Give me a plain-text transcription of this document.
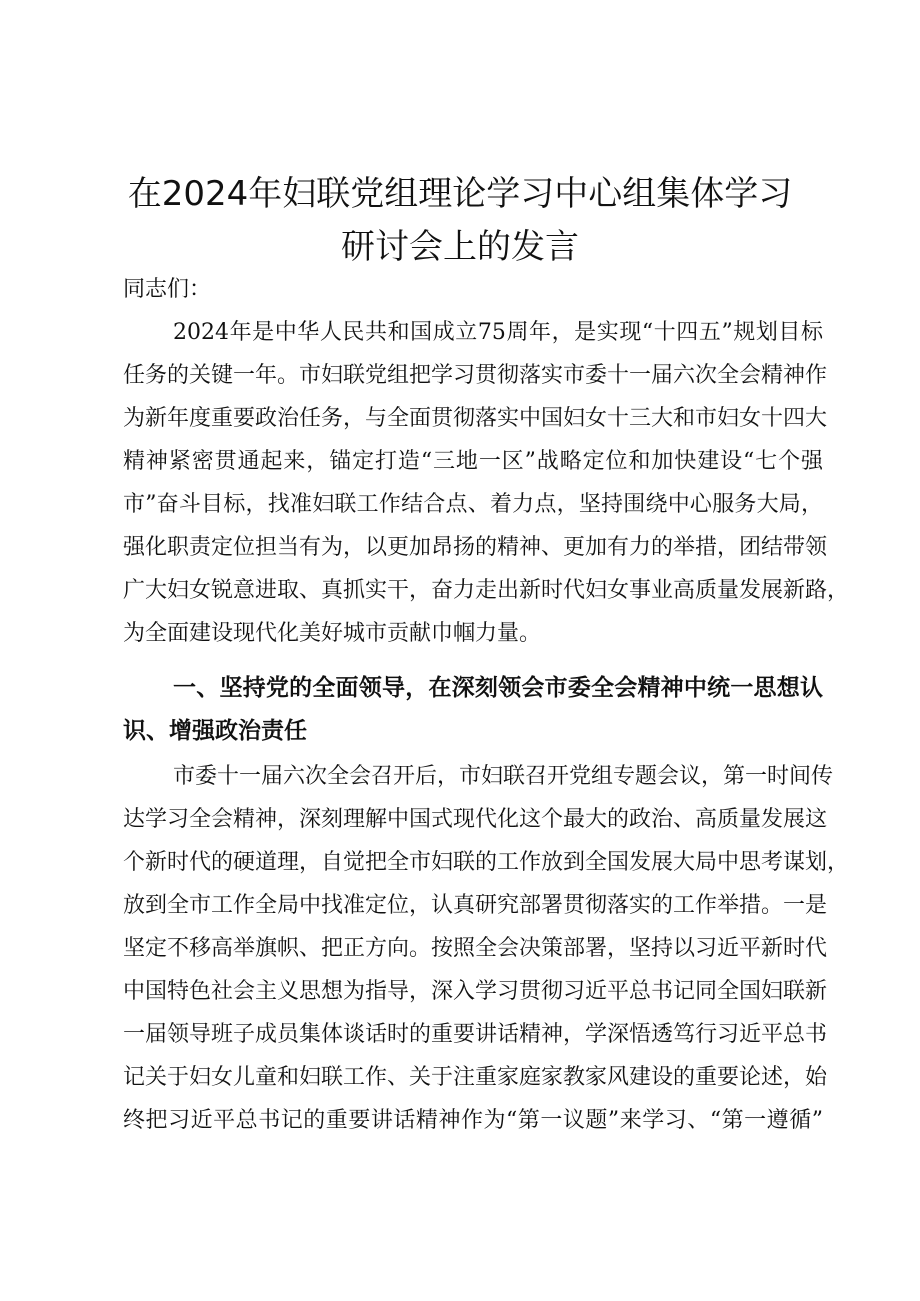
在2024年妇联党组理论学习中心组集体学习
研讨会上的发言

同志们：

2024年是中华人民共和国成立75周年，是实现“十四五”规划目标

任务的关键一年。市妇联党组把学习贯彻落实市委十一届六次全会精神作

为新年度重要政治任务，与全面贯彻落实中国妇女十三大和市妇女十四大

精神紧密贯通起来，锚定打造“三地一区”战略定位和加快建设“七个强

市”奋斗目标，找准妇联工作结合点、着力点，坚持围绕中心服务大局，

强化职责定位担当有为，以更加昂扬的精神、更加有力的举措，团结带领

广大妇女锐意进取、真抓实干，奋力走出新时代妇女事业高质量发展新路，

为全面建设现代化美好城市贡献巾帼力量。

一、坚持党的全面领导，在深刻领会市委全会精神中统一思想认
识、增强政治责任

市委十一届六次全会召开后，市妇联召开党组专题会议，第一时间传

达学习全会精神，深刻理解中国式现代化这个最大的政治、高质量发展这

个新时代的硬道理，自觉把全市妇联的工作放到全国发展大局中思考谋划，

放到全市工作全局中找准定位，认真研究部署贯彻落实的工作举措。一是

坚定不移高举旗帜、把正方向。按照全会决策部署，坚持以习近平新时代

中国特色社会主义思想为指导，深入学习贯彻习近平总书记同全国妇联新

一届领导班子成员集体谈话时的重要讲话精神，学深悟透笃行习近平总书

记关于妇女儿童和妇联工作、关于注重家庭家教家风建设的重要论述，始

终把习近平总书记的重要讲话精神作为“第一议题”来学习、“第一遵循”
